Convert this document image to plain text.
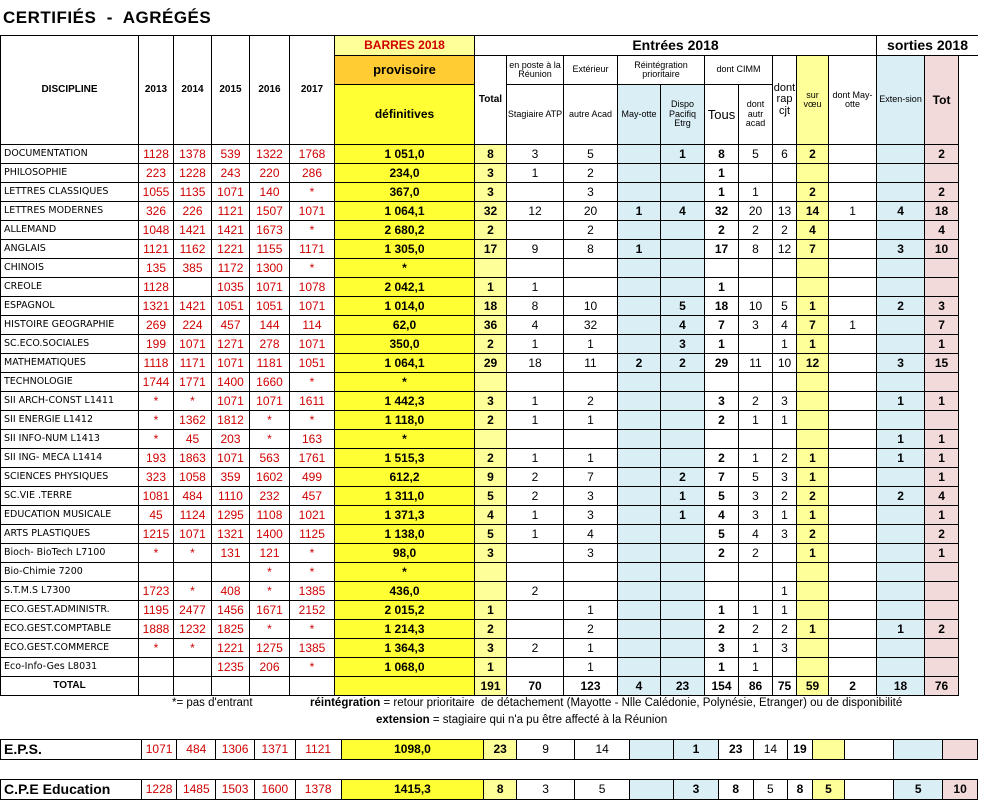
CERTIFIÉS  -  AGRÉGÉS
DISCIPLINE	2013	2014	2015	2016	2017	BARRES 2018	Entrées 2018										sorties 2018	
						provisoire	Total	en poste à la Réunion	Extérieur	Réintégration prioritaire		dont CIMM		dont rap cjt	sur vœu	dont May-otte	Exten-sion	Tot
						définitives		Stagiaire ATP	autre Acad	May-otte	Dispo Pacifiq Etrg	Tous	dont autr acad					

DOCUMENTATION	1128	1378	539	1322	1768	1 051,0	8	3	5		1	8	5	6	2			2
PHILOSOPHIE	223	1228	243	220	286	234,0	3	1	2			1						
LETTRES CLASSIQUES	1055	1135	1071	140	*	367,0	3		3			1	1		2			2
LETTRES MODERNES	326	226	1121	1507	1071	1 064,1	32	12	20	1	4	32	20	13	14	1	4	18
ALLEMAND	1048	1421	1421	1673	*	2 680,2	2		2			2	2	2	4			4
ANGLAIS	1121	1162	1221	1155	1171	1 305,0	17	9	8	1		17	8	12	7		3	10
CHINOIS	135	385	1172	1300	*	*												
CREOLE	1128		1035	1071	1078	2 042,1	1	1				1						
ESPAGNOL	1321	1421	1051	1051	1071	1 014,0	18	8	10		5	18	10	5	1		2	3
HISTOIRE GEOGRAPHIE	269	224	457	144	114	62,0	36	4	32		4	7	3	4	7	1		7
SC.ECO.SOCIALES	199	1071	1271	278	1071	350,0	2	1	1		3	1		1	1			1
MATHEMATIQUES	1118	1171	1071	1181	1051	1 064,1	29	18	11	2	2	29	11	10	12		3	15
TECHNOLOGIE	1744	1771	1400	1660	*	*												
SII ARCH-CONST L1411	*	*	1071	1071	1611	1 442,3	3	1	2			3	2	3			1	1
SII ENERGIE L1412	*	1362	1812	*	*	1 118,0	2	1	1			2	1	1				
SII INFO-NUM L1413	*	45	203	*	163	*											1	1
SII ING- MECA L1414	193	1863	1071	563	1761	1 515,3	2	1	1			2	1	2	1		1	1
SCIENCES PHYSIQUES	323	1058	359	1602	499	612,2	9	2	7		2	7	5	3	1			1
SC.VIE .TERRE	1081	484	1110	232	457	1 311,0	5	2	3		1	5	3	2	2		2	4
EDUCATION MUSICALE	45	1124	1295	1108	1021	1 371,3	4	1	3		1	4	3	1	1			1
ARTS PLASTIQUES	1215	1071	1321	1400	1125	1 138,0	5	1	4			5	4	3	2			2
Bioch- BioTech L7100	*	*	131	121	*	98,0	3		3			2	2		1			1
Bio-Chimie 7200				*	*	*												
S.T.M.S L7300	1723	*	408	*	1385	436,0		2						1				
ECO.GEST.ADMINISTR.	1195	2477	1456	1671	2152	2 015,2	1		1			1	1	1				
ECO.GEST.COMPTABLE	1888	1232	1825	*	*	1 214,3	2		2			2	2	2	1		1	2
ECO.GEST.COMMERCE	*	*	1221	1275	1385	1 364,3	3	2	1			3	1	3				
Eco-Info-Ges L8031			1235	206	*	1 068,0	1		1			1	1					
TOTAL							191	70	123	4	23	154	86	75	59	2	18	76
*= pas d'entrant	réintégration = retour prioritaire  de détachement (Mayotte - Nlle Calédonie, Polynésie, Etranger) ou de disponibilité
extension = stagiaire qui n'a pu être affecté à la Réunion
E.P.S.	1071	484	1306	1371	1121	1098,0	23	9	14		1	23	14	19				

C.P.E Education	1228	1485	1503	1600	1378	1415,3	8	3	5		3	8	5	8	5		5	10
